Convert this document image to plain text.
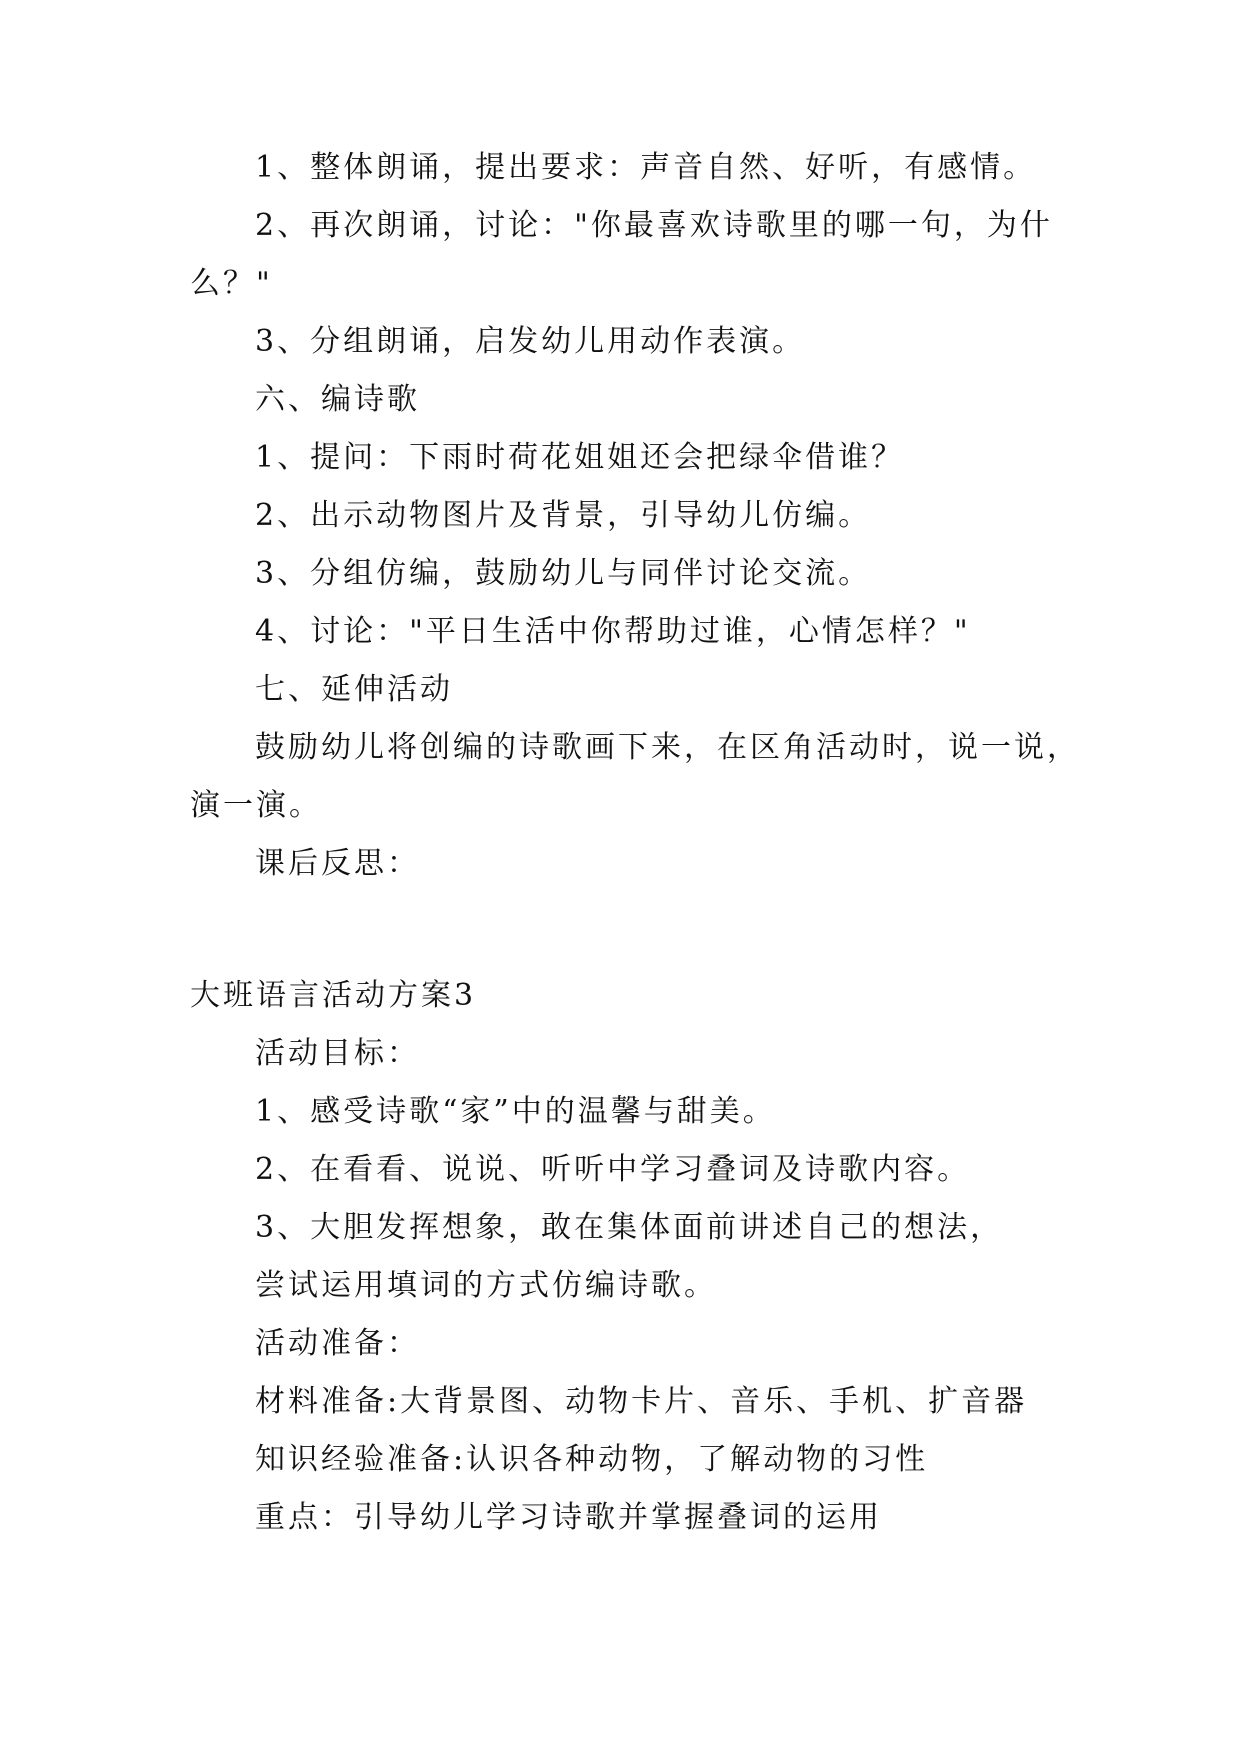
1、整体朗诵，提出要求：声音自然、好听，有感情。
2、再次朗诵，讨论："你最喜欢诗歌里的哪一句，为什
么？"
3、分组朗诵，启发幼儿用动作表演。
六、编诗歌
1、提问：下雨时荷花姐姐还会把绿伞借谁？
2、出示动物图片及背景，引导幼儿仿编。
3、分组仿编，鼓励幼儿与同伴讨论交流。
4、讨论："平日生活中你帮助过谁，心情怎样？"
七、延伸活动
鼓励幼儿将创编的诗歌画下来，在区角活动时，说一说，
演一演。
课后反思：
大班语言活动方案3
活动目标：
1、感受诗歌“家”中的温馨与甜美。
2、在看看、说说、听听中学习叠词及诗歌内容。
3、大胆发挥想象，敢在集体面前讲述自己的想法，
尝试运用填词的方式仿编诗歌。
活动准备：
材料准备:大背景图、动物卡片、音乐、手机、扩音器
知识经验准备:认识各种动物，了解动物的习性
重点：引导幼儿学习诗歌并掌握叠词的运用
